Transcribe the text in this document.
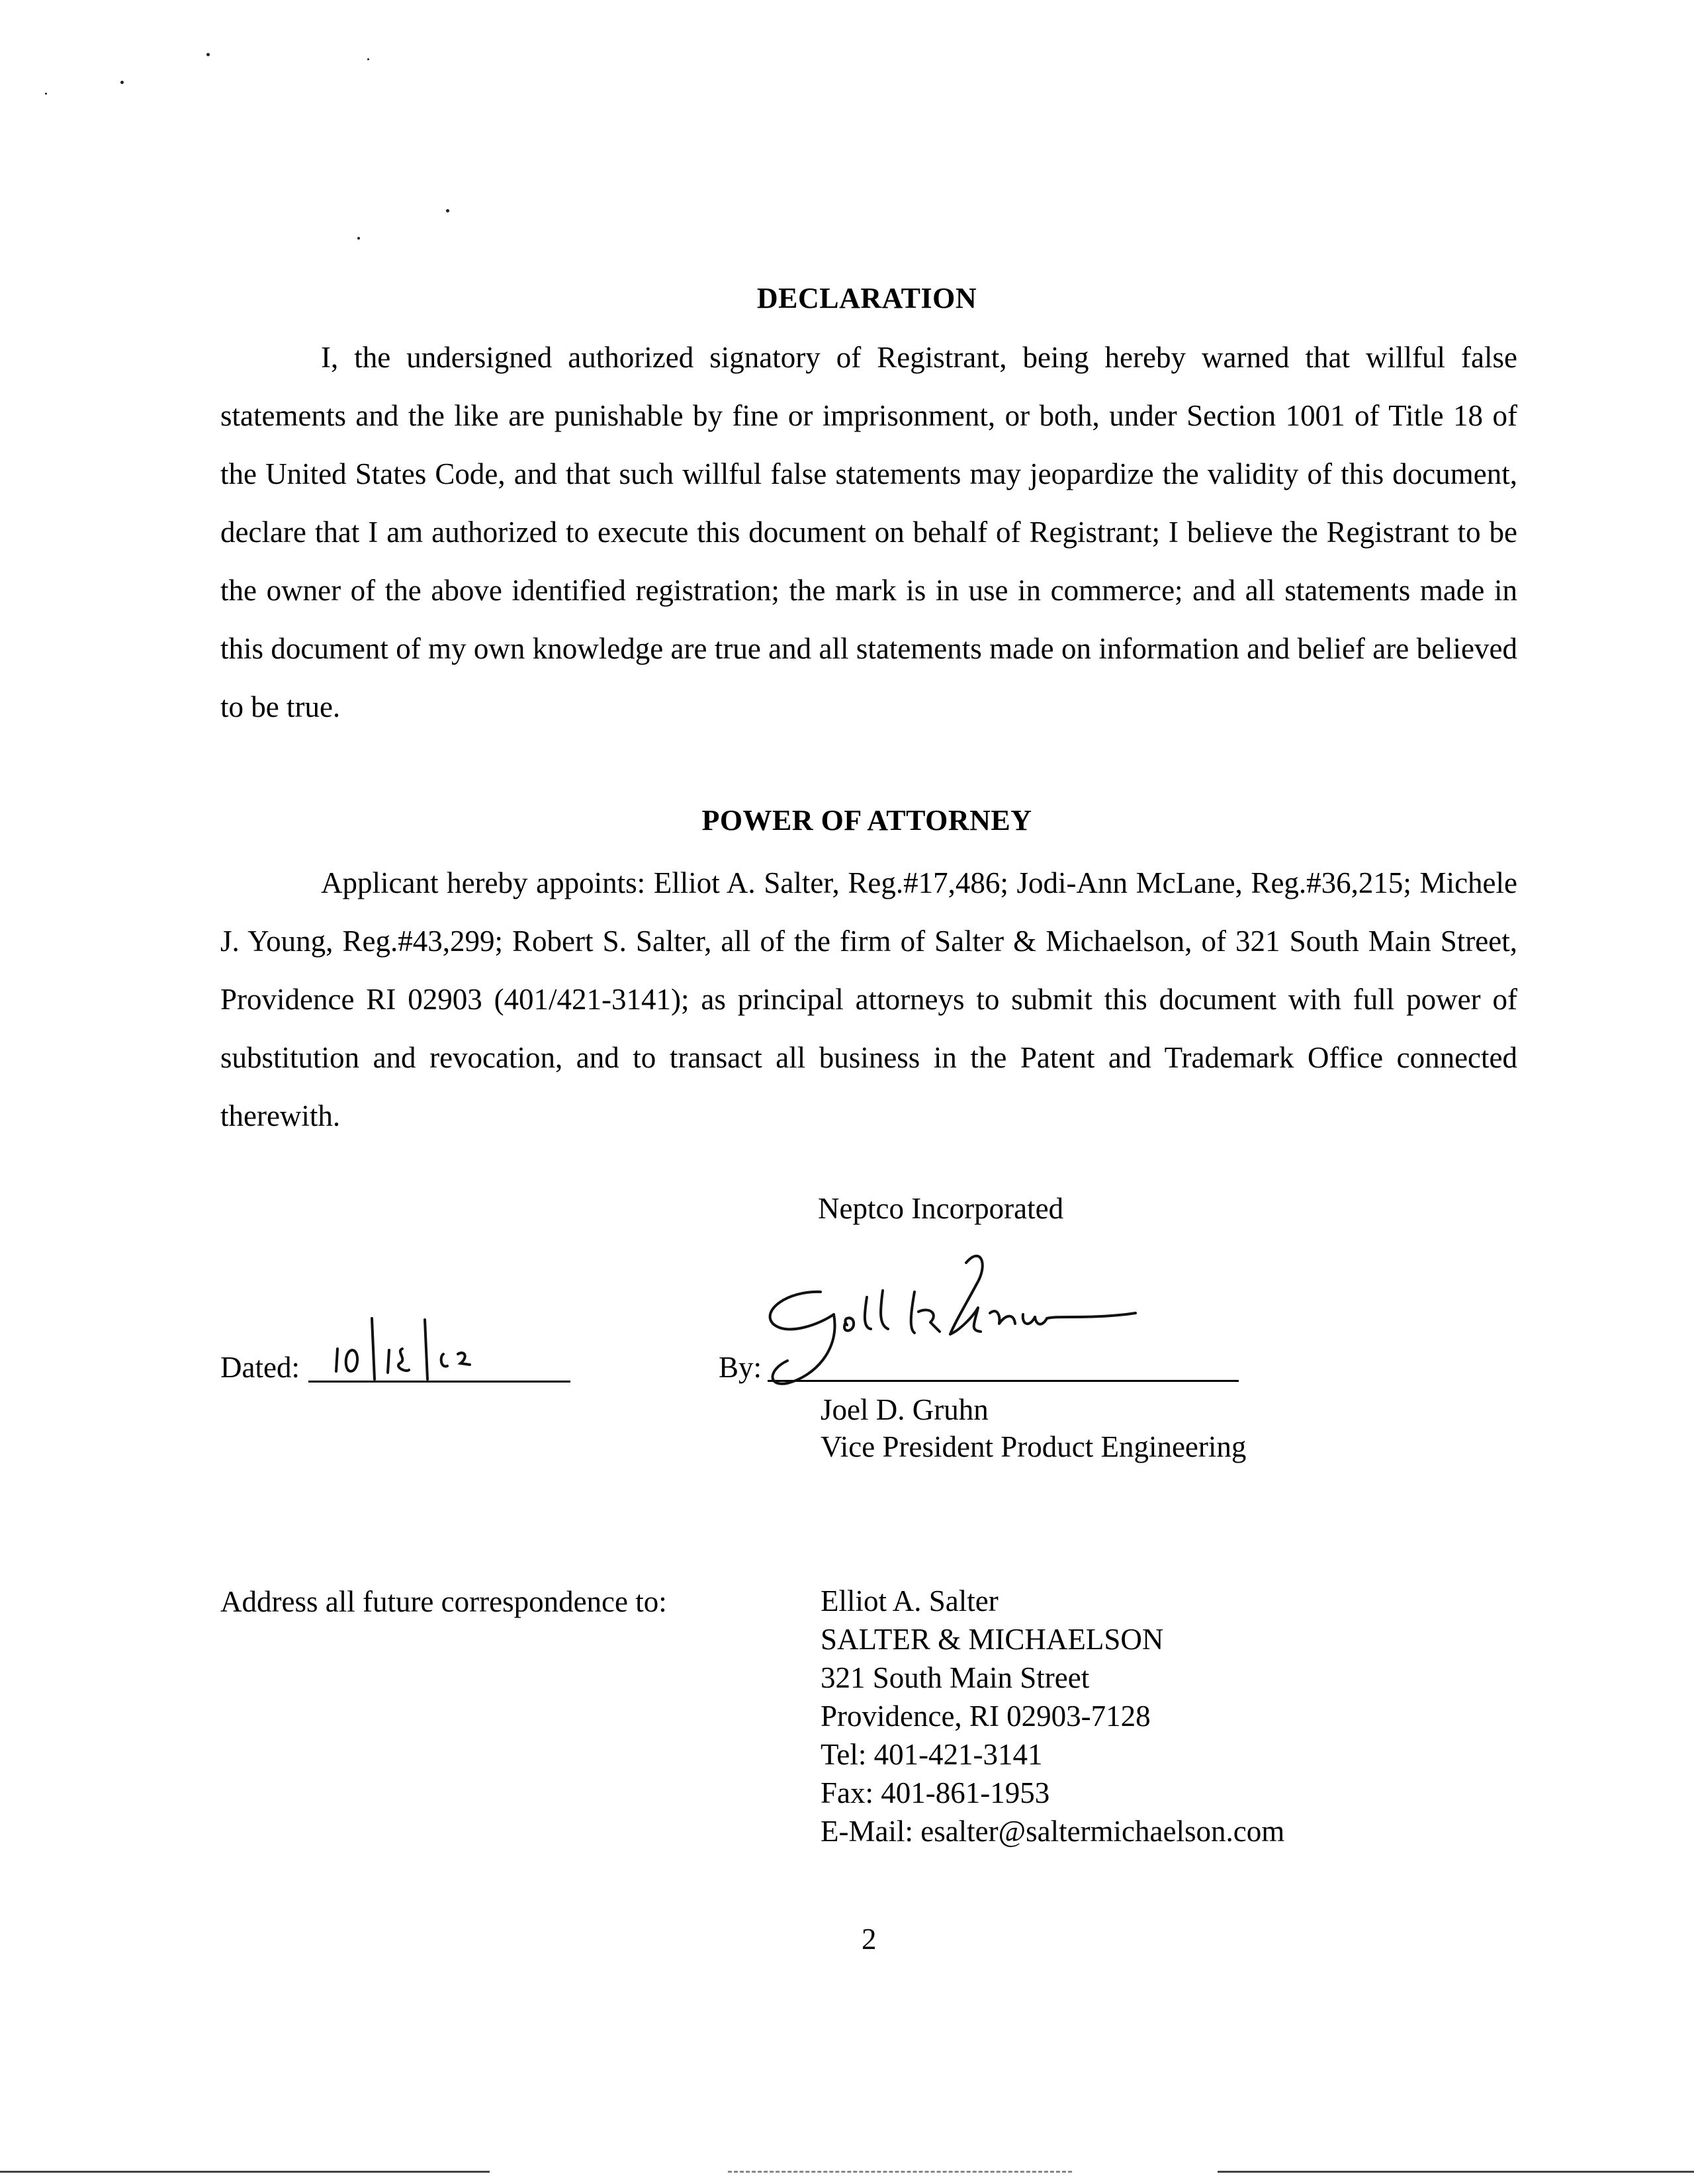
DECLARATION
I, the undersigned authorized signatory of Registrant, being hereby warned that willful false statements and the like are punishable by fine or imprisonment, or both, under Section 1001 of Title 18 of the United States Code, and that such willful false statements may jeopardize the validity of this document, declare that I am authorized to execute this document on behalf of Registrant; I believe the Registrant to be the owner of the above identified registration; the mark is in use in commerce; and all statements made in this document of my own knowledge are true and all statements made on information and belief are believed to be true.
POWER OF ATTORNEY
Applicant hereby appoints: Elliot A. Salter, Reg.#17,486; Jodi-Ann McLane, Reg.#36,215; Michele J. Young, Reg.#43,299; Robert S. Salter, all of the firm of Salter & Michaelson, of 321 South Main Street, Providence RI 02903 (401/421-3141); as principal attorneys to submit this document with full power of substitution and revocation, and to transact all business in the Patent and Trademark Office connected therewith.
Neptco Incorporated
Dated:	By:
Joel D. Gruhn
Vice President Product Engineering
Address all future correspondence to:	Elliot A. Salter
SALTER & MICHAELSON
321 South Main Street
Providence, RI 02903-7128
Tel: 401-421-3141
Fax: 401-861-1953
E-Mail: esalter@saltermichaelson.com
2
